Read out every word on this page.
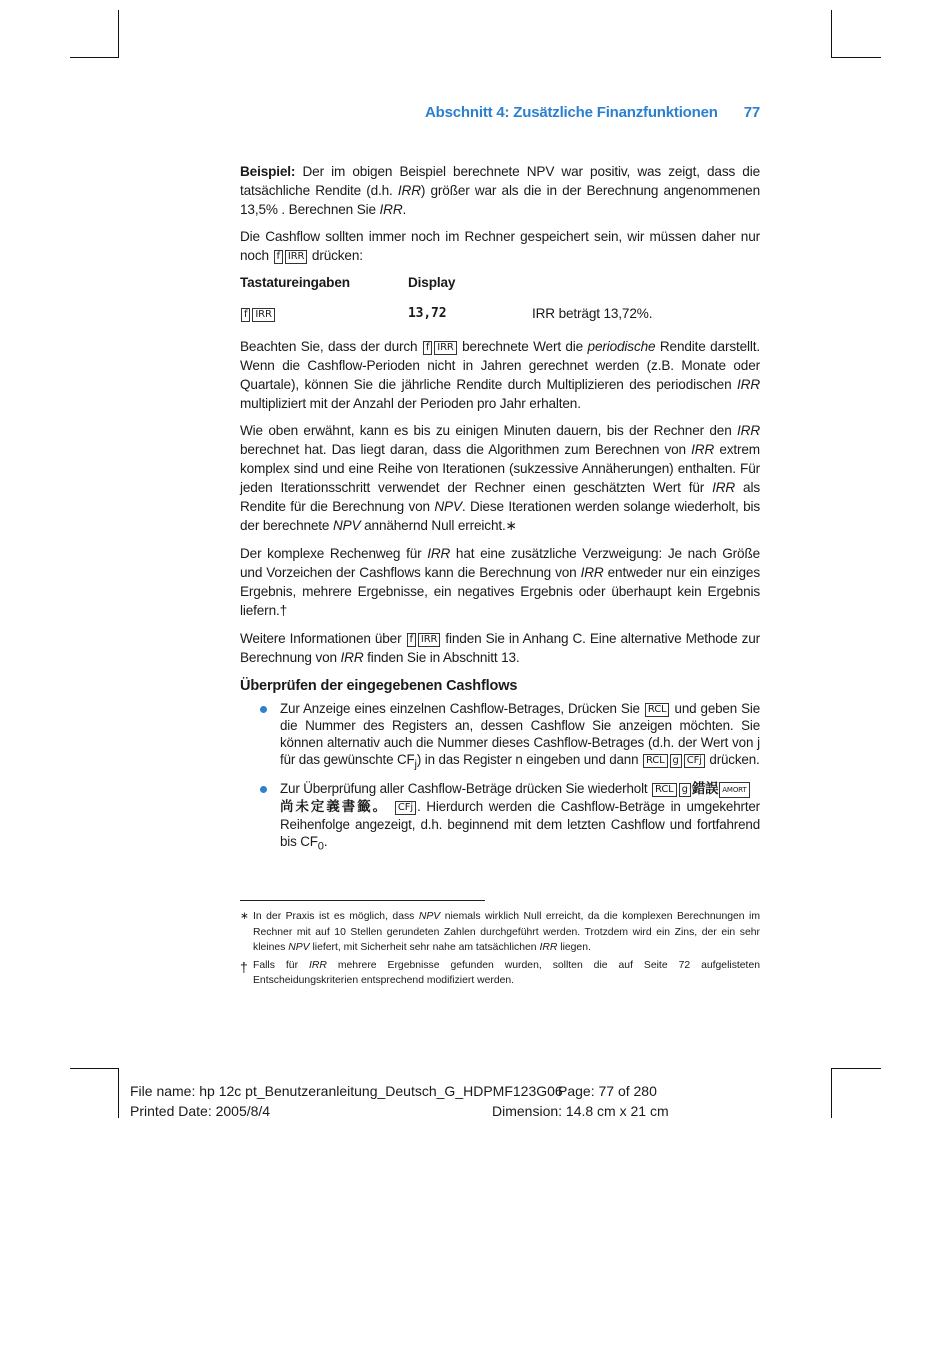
Abschnitt 4: Zusätzliche Finanzfunktionen 77

Beispiel: Der im obigen Beispiel berechnete NPV war positiv, was zeigt, dass die tatsächliche Rendite (d.h. IRR) größer war als die in der Berechnung angenommenen 13,5% . Berechnen Sie IRR.

Die Cashflow sollten immer noch im Rechner gespeichert sein, wir müssen daher nur noch f IRR drücken:

Tastatureingaben	Display
f IRR	13,72	IRR beträgt 13,72%.

Beachten Sie, dass der durch f IRR berechnete Wert die periodische Rendite darstellt. Wenn die Cashflow-Perioden nicht in Jahren gerechnet werden (z.B. Monate oder Quartale), können Sie die jährliche Rendite durch Multiplizieren des periodischen IRR multipliziert mit der Anzahl der Perioden pro Jahr erhalten.

Wie oben erwähnt, kann es bis zu einigen Minuten dauern, bis der Rechner den IRR berechnet hat. Das liegt daran, dass die Algorithmen zum Berechnen von IRR extrem komplex sind und eine Reihe von Iterationen (sukzessive Annäherungen) enthalten. Für jeden Iterationsschritt verwendet der Rechner einen geschätzten Wert für IRR als Rendite für die Berechnung von NPV. Diese Iterationen werden solange wiederholt, bis der berechnete NPV annähernd Null erreicht.∗

Der komplexe Rechenweg für IRR hat eine zusätzliche Verzweigung: Je nach Größe und Vorzeichen der Cashflows kann die Berechnung von IRR entweder nur ein einziges Ergebnis, mehrere Ergebnisse, ein negatives Ergebnis oder überhaupt kein Ergebnis liefern.†

Weitere Informationen über f IRR finden Sie in Anhang C. Eine alternative Methode zur Berechnung von IRR finden Sie in Abschnitt 13.

Überprüfen der eingegebenen Cashflows
Zur Anzeige eines einzelnen Cashflow-Betrages, Drücken Sie RCL und geben Sie die Nummer des Registers an, dessen Cashflow Sie anzeigen möchten. Sie können alternativ auch die Nummer dieses Cashflow-Betrages (d.h. der Wert von j für das gewünschte $CF_j$) in das Register n eingeben und dann RCL g CFj drücken.
Zur Überprüfung aller Cashflow-Beträge drücken Sie wiederholt RCL g 錯誤 AMORT
尚未定義書籤。 CFj . Hierdurch werden die Cashflow-Beträge in umgekehrter Reihenfolge angezeigt, d.h. beginnend mit dem letzten Cashflow und fortfahrend bis $CF_0$.
∗ In der Praxis ist es möglich, dass NPV niemals wirklich Null erreicht, da die komplexen Berechnungen im Rechner mit auf 10 Stellen gerundeten Zahlen durchgeführt werden. Trotzdem wird ein Zins, der ein sehr kleines NPV liefert, mit Sicherheit sehr nahe am tatsächlichen IRR liegen.
† Falls für IRR mehrere Ergebnisse gefunden wurden, sollten die auf Seite 72 aufgelisteten Entscheidungskriterien entsprechend modifiziert werden.
File name: hp 12c pt_Benutzeranleitung_Deutsch_G_HDPMF123G06
Page: 77 of 280
Printed Date: 2005/8/4	Dimension: 14.8 cm x 21 cm
